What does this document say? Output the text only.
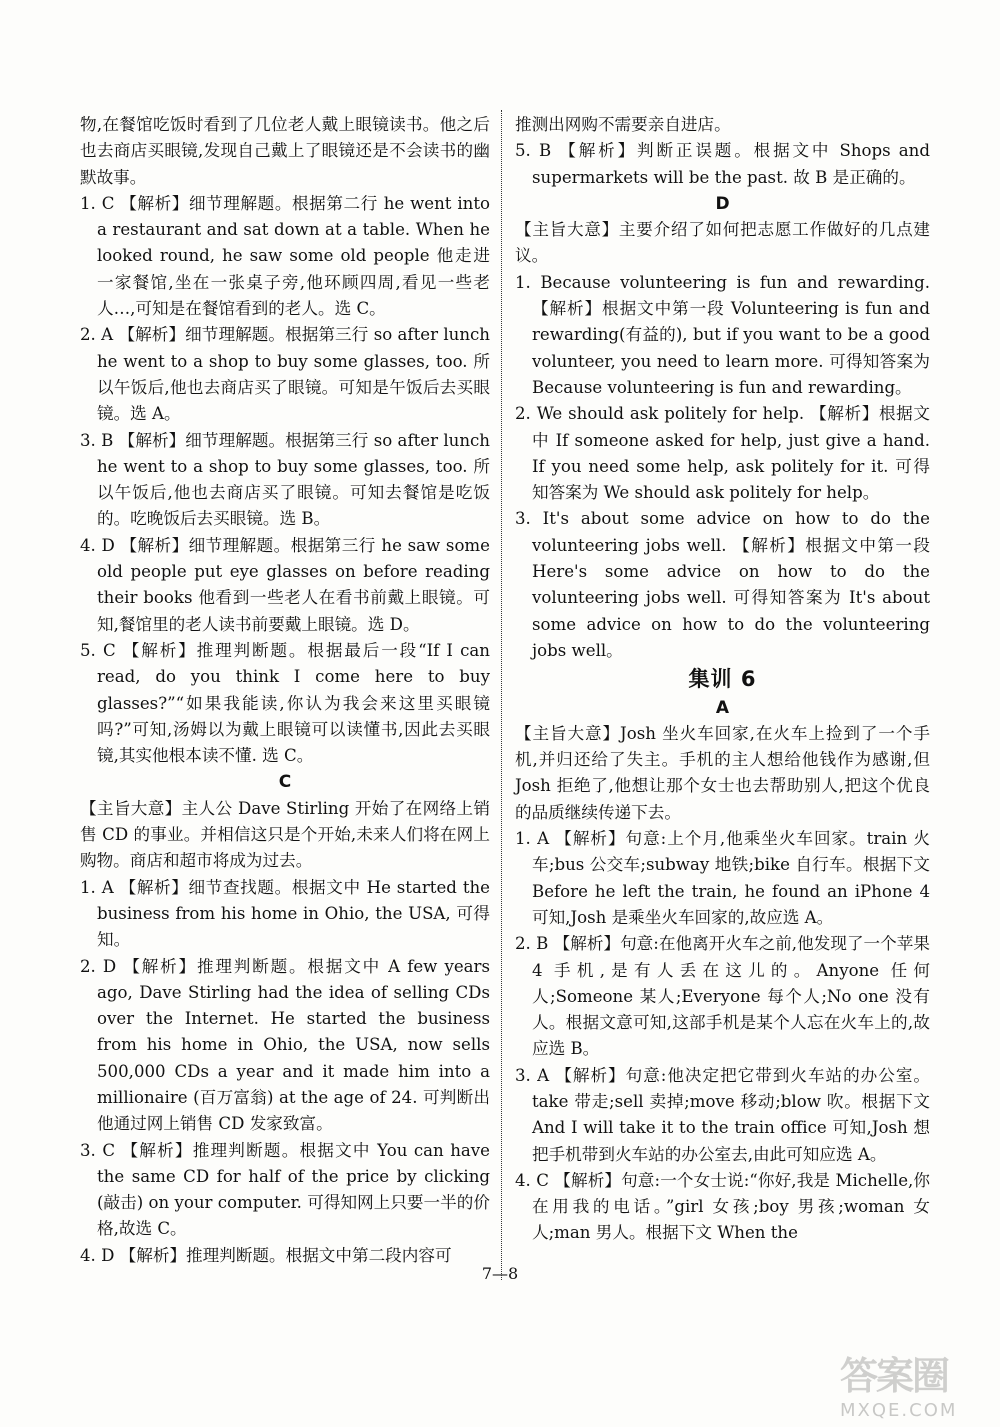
物,在餐馆吃饭时看到了几位老人戴上眼镜读书。他之后也去商店买眼镜,发现自己戴上了眼镜还是不会读书的幽默故事。

1. C 【解析】细节理解题。根据第二行 he went into a restaurant and sat down at a table. When he looked round, he saw some old people 他走进一家餐馆,坐在一张桌子旁,他环顾四周,看见一些老人…,可知是在餐馆看到的老人。选 C。

2. A 【解析】细节理解题。根据第三行 so after lunch he went to a shop to buy some glasses, too. 所以午饭后,他也去商店买了眼镜。可知是午饭后去买眼镜。选 A。

3. B 【解析】细节理解题。根据第三行 so after lunch he went to a shop to buy some glasses, too. 所以午饭后,他也去商店买了眼镜。可知去餐馆是吃饭的。吃晚饭后去买眼镜。选 B。

4. D 【解析】细节理解题。根据第三行 he saw some old people put eye glasses on before reading their books 他看到一些老人在看书前戴上眼镜。可知,餐馆里的老人读书前要戴上眼镜。选 D。

5. C 【解析】推理判断题。根据最后一段“If I can read, do you think I come here to buy glasses?”“如果我能读,你认为我会来这里买眼镜吗?”可知,汤姆以为戴上眼镜可以读懂书,因此去买眼镜,其实他根本读不懂. 选 C。

C

【主旨大意】主人公 Dave Stirling 开始了在网络上销售 CD 的事业。并相信这只是个开始,未来人们将在网上购物。商店和超市将成为过去。

1. A 【解析】细节查找题。根据文中 He started the business from his home in Ohio, the USA, 可得知。

2. D 【解析】推理判断题。根据文中 A few years ago, Dave Stirling had the idea of selling CDs over the Internet. He started the business from his home in Ohio, the USA, now sells 500,000 CDs a year and it made him into a millionaire (百万富翁) at the age of 24. 可判断出他通过网上销售 CD 发家致富。

3. C 【解析】推理判断题。根据文中 You can have the same CD for half of the price by clicking (敲击) on your computer. 可得知网上只要一半的价格,故选 C。

4. D 【解析】推理判断题。根据文中第二段内容可

推测出网购不需要亲自进店。

5. B 【解析】判断正误题。根据文中 Shops and supermarkets will be the past. 故 B 是正确的。

D

【主旨大意】主要介绍了如何把志愿工作做好的几点建议。

1. Because volunteering is fun and rewarding. 【解析】根据文中第一段 Volunteering is fun and rewarding(有益的), but if you want to be a good volunteer, you need to learn more. 可得知答案为 Because volunteering is fun and rewarding。

2. We should ask politely for help. 【解析】根据文中 If someone asked for help, just give a hand. If you need some help, ask politely for it. 可得知答案为 We should ask politely for help。

3. It's about some advice on how to do the volunteering jobs well. 【解析】根据文中第一段 Here's some advice on how to do the volunteering jobs well. 可得知答案为 It's about some advice on how to do the volunteering jobs well。

集训 6

A

【主旨大意】Josh 坐火车回家,在火车上捡到了一个手机,并归还给了失主。手机的主人想给他钱作为感谢,但 Josh 拒绝了,他想让那个女士也去帮助别人,把这个优良的品质继续传递下去。

1. A 【解析】句意:上个月,他乘坐火车回家。train 火车;bus 公交车;subway 地铁;bike 自行车。根据下文 Before he left the train, he found an iPhone 4 可知,Josh 是乘坐火车回家的,故应选 A。

2. B 【解析】句意:在他离开火车之前,他发现了一个苹果 4 手机,是有人丢在这儿的。Anyone 任何人;Someone 某人;Everyone 每个人;No one 没有人。根据文意可知,这部手机是某个人忘在火车上的,故应选 B。

3. A 【解析】句意:他决定把它带到火车站的办公室。take 带走;sell 卖掉;move 移动;blow 吹。根据下文 And I will take it to the train office 可知,Josh 想把手机带到火车站的办公室去,由此可知应选 A。

4. C 【解析】句意:一个女士说:“你好,我是 Michelle,你在用我的电话。”girl 女孩;boy 男孩;woman 女人;man 男人。根据下文 When the

7—8
答案圈
MXQE.COM
